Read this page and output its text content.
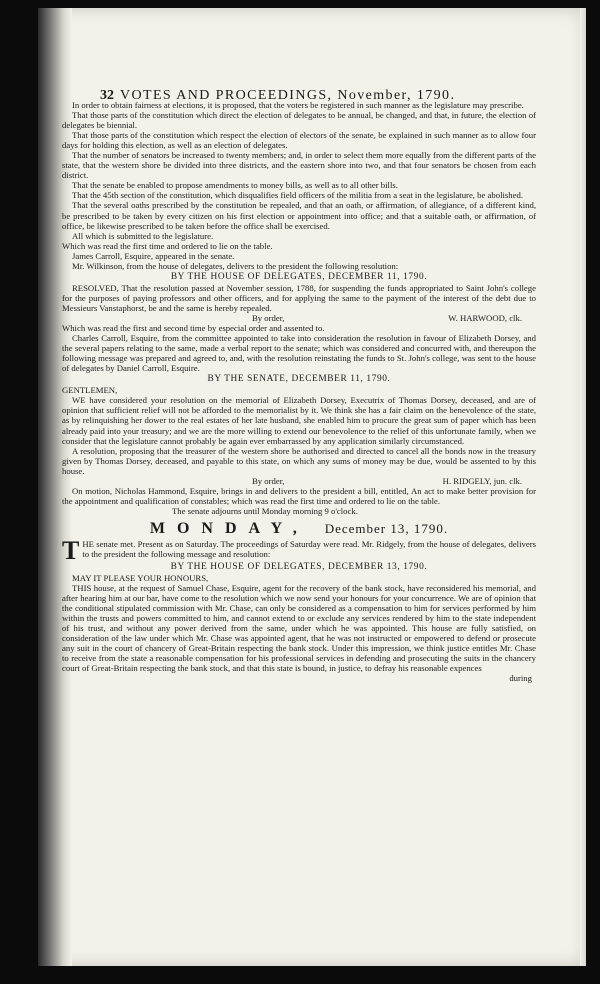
32 VOTES AND PROCEEDINGS, November, 1790.

In order to obtain fairness at elections, it is proposed, that the voters be registered in such manner as the legislature may prescribe.

That those parts of the constitution which direct the election of delegates to be annual, be changed, and that, in future, the election of delegates be biennial.

That those parts of the constitution which respect the election of electors of the senate, be explained in such manner as to allow four days for holding this election, as well as an election of delegates.

That the number of senators be increased to twenty members; and, in order to select them more equally from the different parts of the state, that the western shore be divided into three districts, and the eastern shore into two, and that four senators be chosen from each district.

That the senate be enabled to propose amendments to money bills, as well as to all other bills.

That the 45th section of the constitution, which disqualifies field officers of the militia from a seat in the legislature, be abolished.

That the several oaths prescribed by the constitution be repealed, and that an oath, or affirmation, of allegiance, of a different kind, be prescribed to be taken by every citizen on his first election or appointment into office; and that a suitable oath, or affirmation, of office, be likewise prescribed to be taken before the office shall be exercised.

All which is submitted to the legislature.

Which was read the first time and ordered to lie on the table.

James Carroll, Esquire, appeared in the senate.

Mr. Wilkinson, from the house of delegates, delivers to the president the following resolution:

BY THE HOUSE OF DELEGATES, DECEMBER 11, 1790.

RESOLVED, That the resolution passed at November session, 1788, for suspending the funds appropriated to Saint John's college for the purposes of paying professors and other officers, and for applying the same to the payment of the interest of the debt due to Messieurs Vanstaphorst, be and the same is hereby repealed.

By order,	W. HARWOOD, clk.

Which was read the first and second time by especial order and assented to.

Charles Carroll, Esquire, from the committee appointed to take into consideration the resolution in favour of Elizabeth Dorsey, and the several papers relating to the same, made a verbal report to the senate; which was considered and concurred with, and thereupon the following message was prepared and agreed to, and, with the resolution reinstating the funds to St. John's college, was sent to the house of delegates by Daniel Carroll, Esquire.

BY THE SENATE, DECEMBER 11, 1790.

GENTLEMEN,

WE have considered your resolution on the memorial of Elizabeth Dorsey, Executrix of Thomas Dorsey, deceased, and are of opinion that sufficient relief will not be afforded to the memorialist by it. We think she has a fair claim on the benevolence of the state, as by relinquishing her dower to the real estates of her late husband, she enabled him to procure the great sum of paper which has been already paid into your treasury; and we are the more willing to extend our benevolence to the relief of this unfortunate family, when we consider that the legislature cannot probably be again ever embarrassed by any application similarly circumstanced.

A resolution, proposing that the treasurer of the western shore be authorised and directed to cancel all the bonds now in the treasury given by Thomas Dorsey, deceased, and payable to this state, on which any sums of money may be due, would be assented to by this house.

By order,	H. RIDGELY, jun. clk.

On motion, Nicholas Hammond, Esquire, brings in and delivers to the president a bill, entitled, An act to make better provision for the appointment and qualification of constables; which was read the first time and ordered to lie on the table.

The senate adjourns until Monday morning 9 o'clock.

MONDAY, December 13, 1790.

T HE senate met. Present as on Saturday. The proceedings of Saturday were read. Mr. Ridgely, from the house of delegates, delivers to the president the following message and resolution:

BY THE HOUSE OF DELEGATES, DECEMBER 13, 1790.

MAY IT PLEASE YOUR HONOURS,

THIS house, at the request of Samuel Chase, Esquire, agent for the recovery of the bank stock, have reconsidered his memorial, and after hearing him at our bar, have come to the resolution which we now send your honours for your concurrence. We are of opinion that the conditional stipulated commission with Mr. Chase, can only be considered as a compensation to him for services performed by him within the trusts and powers committed to him, and cannot extend to or exclude any services rendered by him to the state independent of his trust, and without any power derived from the same, under which he was appointed. This house are fully satisfied, on consideration of the law under which Mr. Chase was appointed agent, that he was not instructed or empowered to defend or prosecute any suit in the court of chancery of Great-Britain respecting the bank stock. Under this impression, we think justice entitles Mr. Chase to receive from the state a reasonable compensation for his professional services in defending and prosecuting the suits in the chancery court of Great-Britain respecting the bank stock, and that this state is bound, in justice, to defray his reasonable expences

during
